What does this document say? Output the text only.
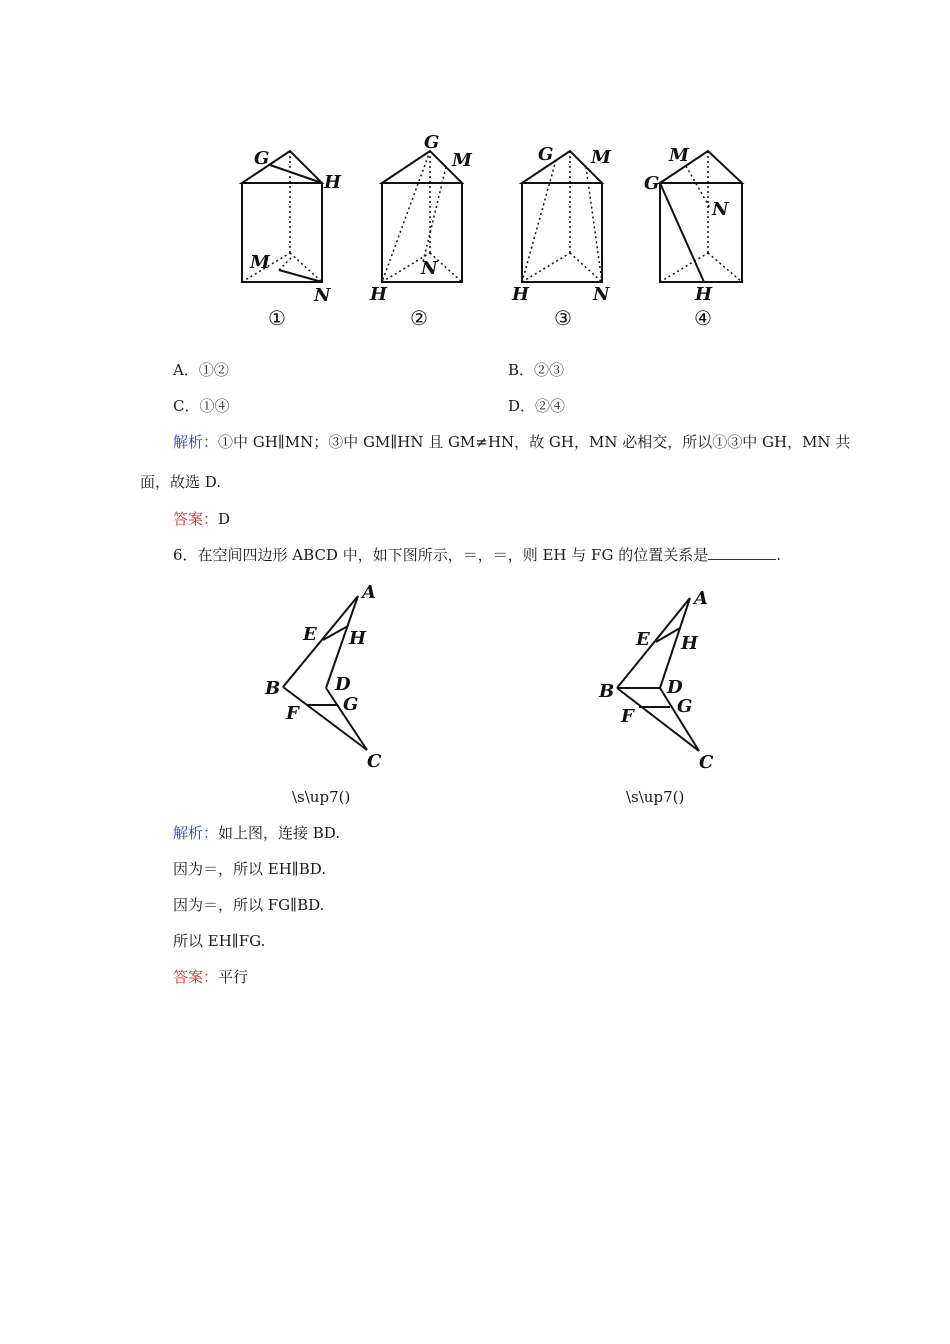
G
H
M
N
①
G
M
N
H
②
G M
H	N
③
M
G
N
H
④
A．①②	B．②③
C．①④	D．②④
解析：①中 GH∥MN；③中 GM∥HN 且 GM≠HN，故 GH，MN 必相交，所以①③中 GH，MN 共
面，故选 D.
答案：D
6．在空间四边形 ABCD 中，如下图所示，＝，＝，则 EH 与 FG 的位置关系是	.
A
E H
B	D
G
F
C
A
E H
B	D
G
F
C
\s\up7()	\s\up7()
解析：如上图，连接 BD.
因为＝，所以 EH∥BD.
因为＝，所以 FG∥BD.
所以 EH∥FG.
答案：平行
